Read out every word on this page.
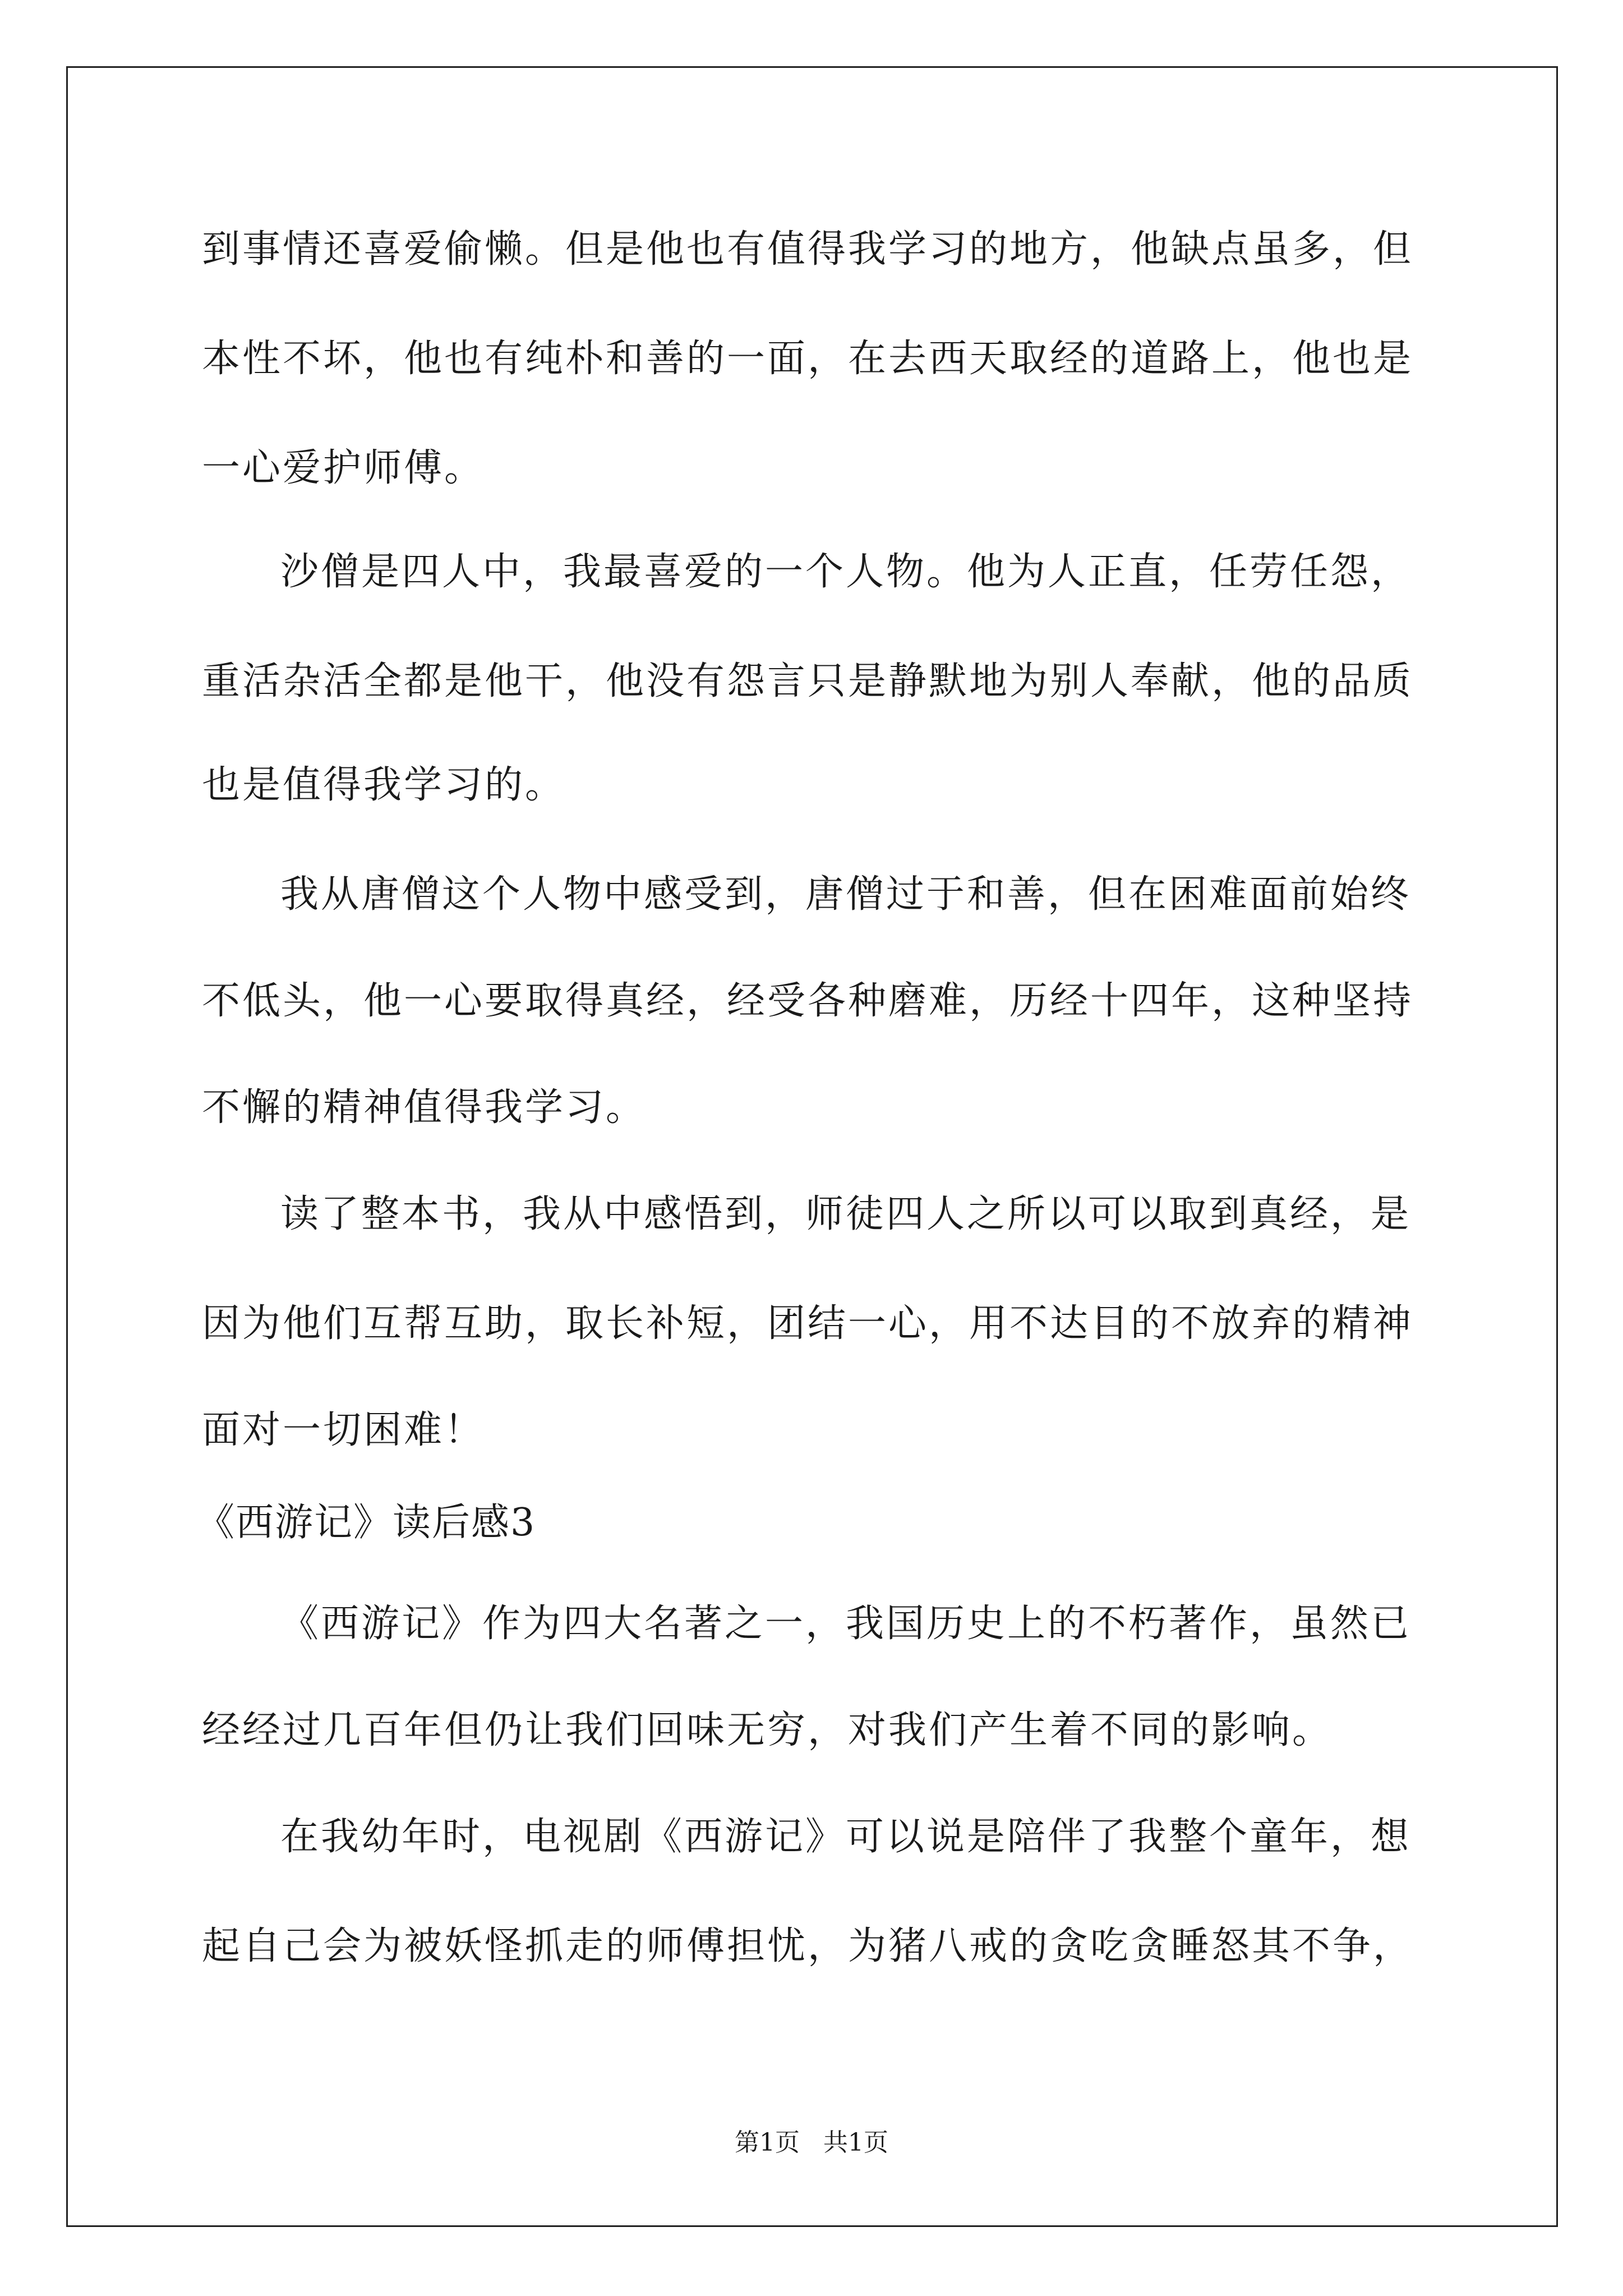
到事情还喜爱偷懒。但是他也有值得我学习的地方，他缺点虽多，但
本性不坏，他也有纯朴和善的一面，在去西天取经的道路上，他也是
一心爱护师傅。
沙僧是四人中，我最喜爱的一个人物。他为人正直，任劳任怨，
重活杂活全都是他干，他没有怨言只是静默地为别人奉献，他的品质
也是值得我学习的。
我从唐僧这个人物中感受到，唐僧过于和善，但在困难面前始终
不低头，他一心要取得真经，经受各种磨难，历经十四年，这种坚持
不懈的精神值得我学习。
读了整本书，我从中感悟到，师徒四人之所以可以取到真经，是
因为他们互帮互助，取长补短，团结一心，用不达目的不放弃的精神
面对一切困难！
《西游记》读后感3
《西游记》作为四大名著之一，我国历史上的不朽著作，虽然已
经经过几百年但仍让我们回味无穷，对我们产生着不同的影响。
在我幼年时，电视剧《西游记》可以说是陪伴了我整个童年，想
起自己会为被妖怪抓走的师傅担忧，为猪八戒的贪吃贪睡怒其不争，
第1页   共1页
